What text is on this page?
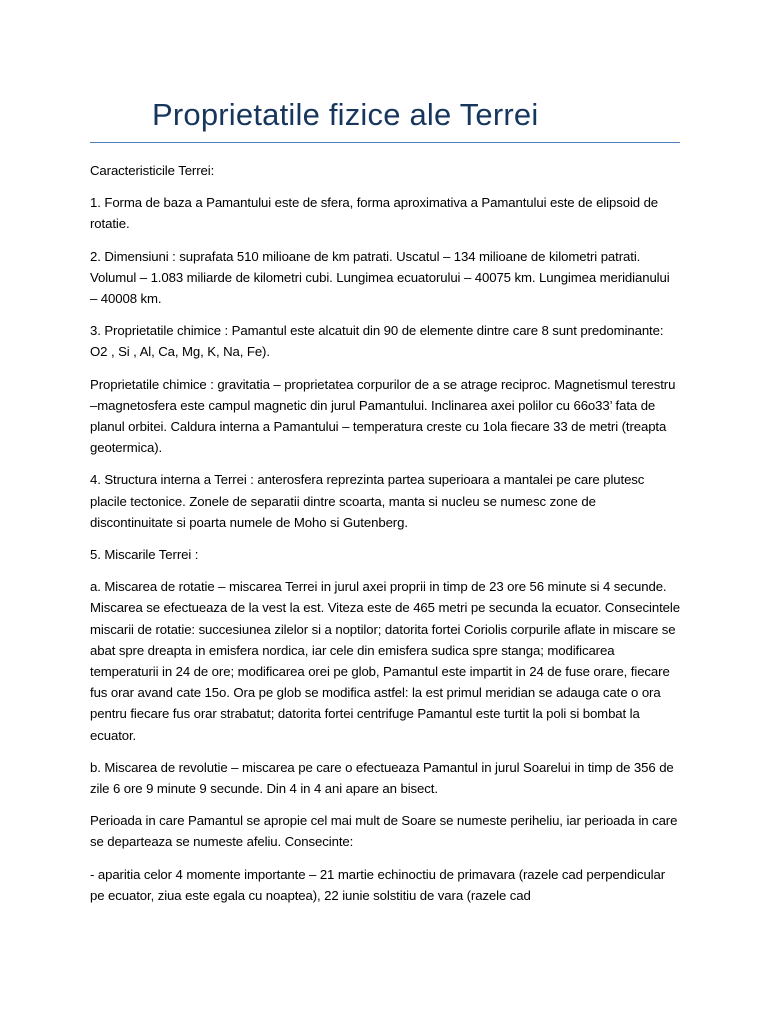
Proprietatile fizice ale Terrei

Caracteristicile Terrei:

1. Forma de baza a Pamantului este de sfera, forma aproximativa a Pamantului este de elipsoid de rotatie.

2. Dimensiuni : suprafata 510 milioane de km patrati. Uscatul – 134 milioane de kilometri patrati. Volumul – 1.083 miliarde de kilometri cubi. Lungimea ecuatorului – 40075 km. Lungimea meridianului – 40008 km.

3. Proprietatile chimice : Pamantul este alcatuit din 90 de elemente dintre care 8 sunt predominante: O2 , Si , Al, Ca, Mg, K, Na, Fe).

Proprietatile chimice : gravitatia – proprietatea corpurilor de a se atrage reciproc. Magnetismul terestru –magnetosfera este campul magnetic din jurul Pamantului. Inclinarea axei polilor cu 66o33’ fata de planul orbitei. Caldura interna a Pamantului – temperatura creste cu 1ola fiecare 33 de metri (treapta geotermica).

4. Structura interna a Terrei : anterosfera reprezinta partea superioara a mantalei pe care plutesc placile tectonice. Zonele de separatii dintre scoarta, manta si nucleu se numesc zone de discontinuitate si poarta numele de Moho si Gutenberg.

5. Miscarile Terrei :

a. Miscarea de rotatie – miscarea Terrei in jurul axei proprii in timp de 23 ore 56 minute si 4 secunde. Miscarea se efectueaza de la vest la est. Viteza este de 465 metri pe secunda la ecuator. Consecintele miscarii de rotatie: succesiunea zilelor si a noptilor; datorita fortei Coriolis corpurile aflate in miscare se abat spre dreapta in emisfera nordica, iar cele din emisfera sudica spre stanga; modificarea temperaturii in 24 de ore; modificarea orei pe glob, Pamantul este impartit in 24 de fuse orare, fiecare fus orar avand cate 15o. Ora pe glob se modifica astfel: la est primul meridian se adauga cate o ora pentru fiecare fus orar strabatut; datorita fortei centrifuge Pamantul este turtit la poli si bombat la ecuator.

b. Miscarea de revolutie – miscarea pe care o efectueaza Pamantul in jurul Soarelui in timp de 356 de zile 6 ore 9 minute 9 secunde. Din 4 in 4 ani apare an bisect.

Perioada in care Pamantul se apropie cel mai mult de Soare se numeste periheliu, iar perioada in care se departeaza se numeste afeliu. Consecinte:

- aparitia celor 4 momente importante – 21 martie echinoctiu de primavara (razele cad perpendicular pe ecuator, ziua este egala cu noaptea), 22 iunie solstitiu de vara (razele cad
